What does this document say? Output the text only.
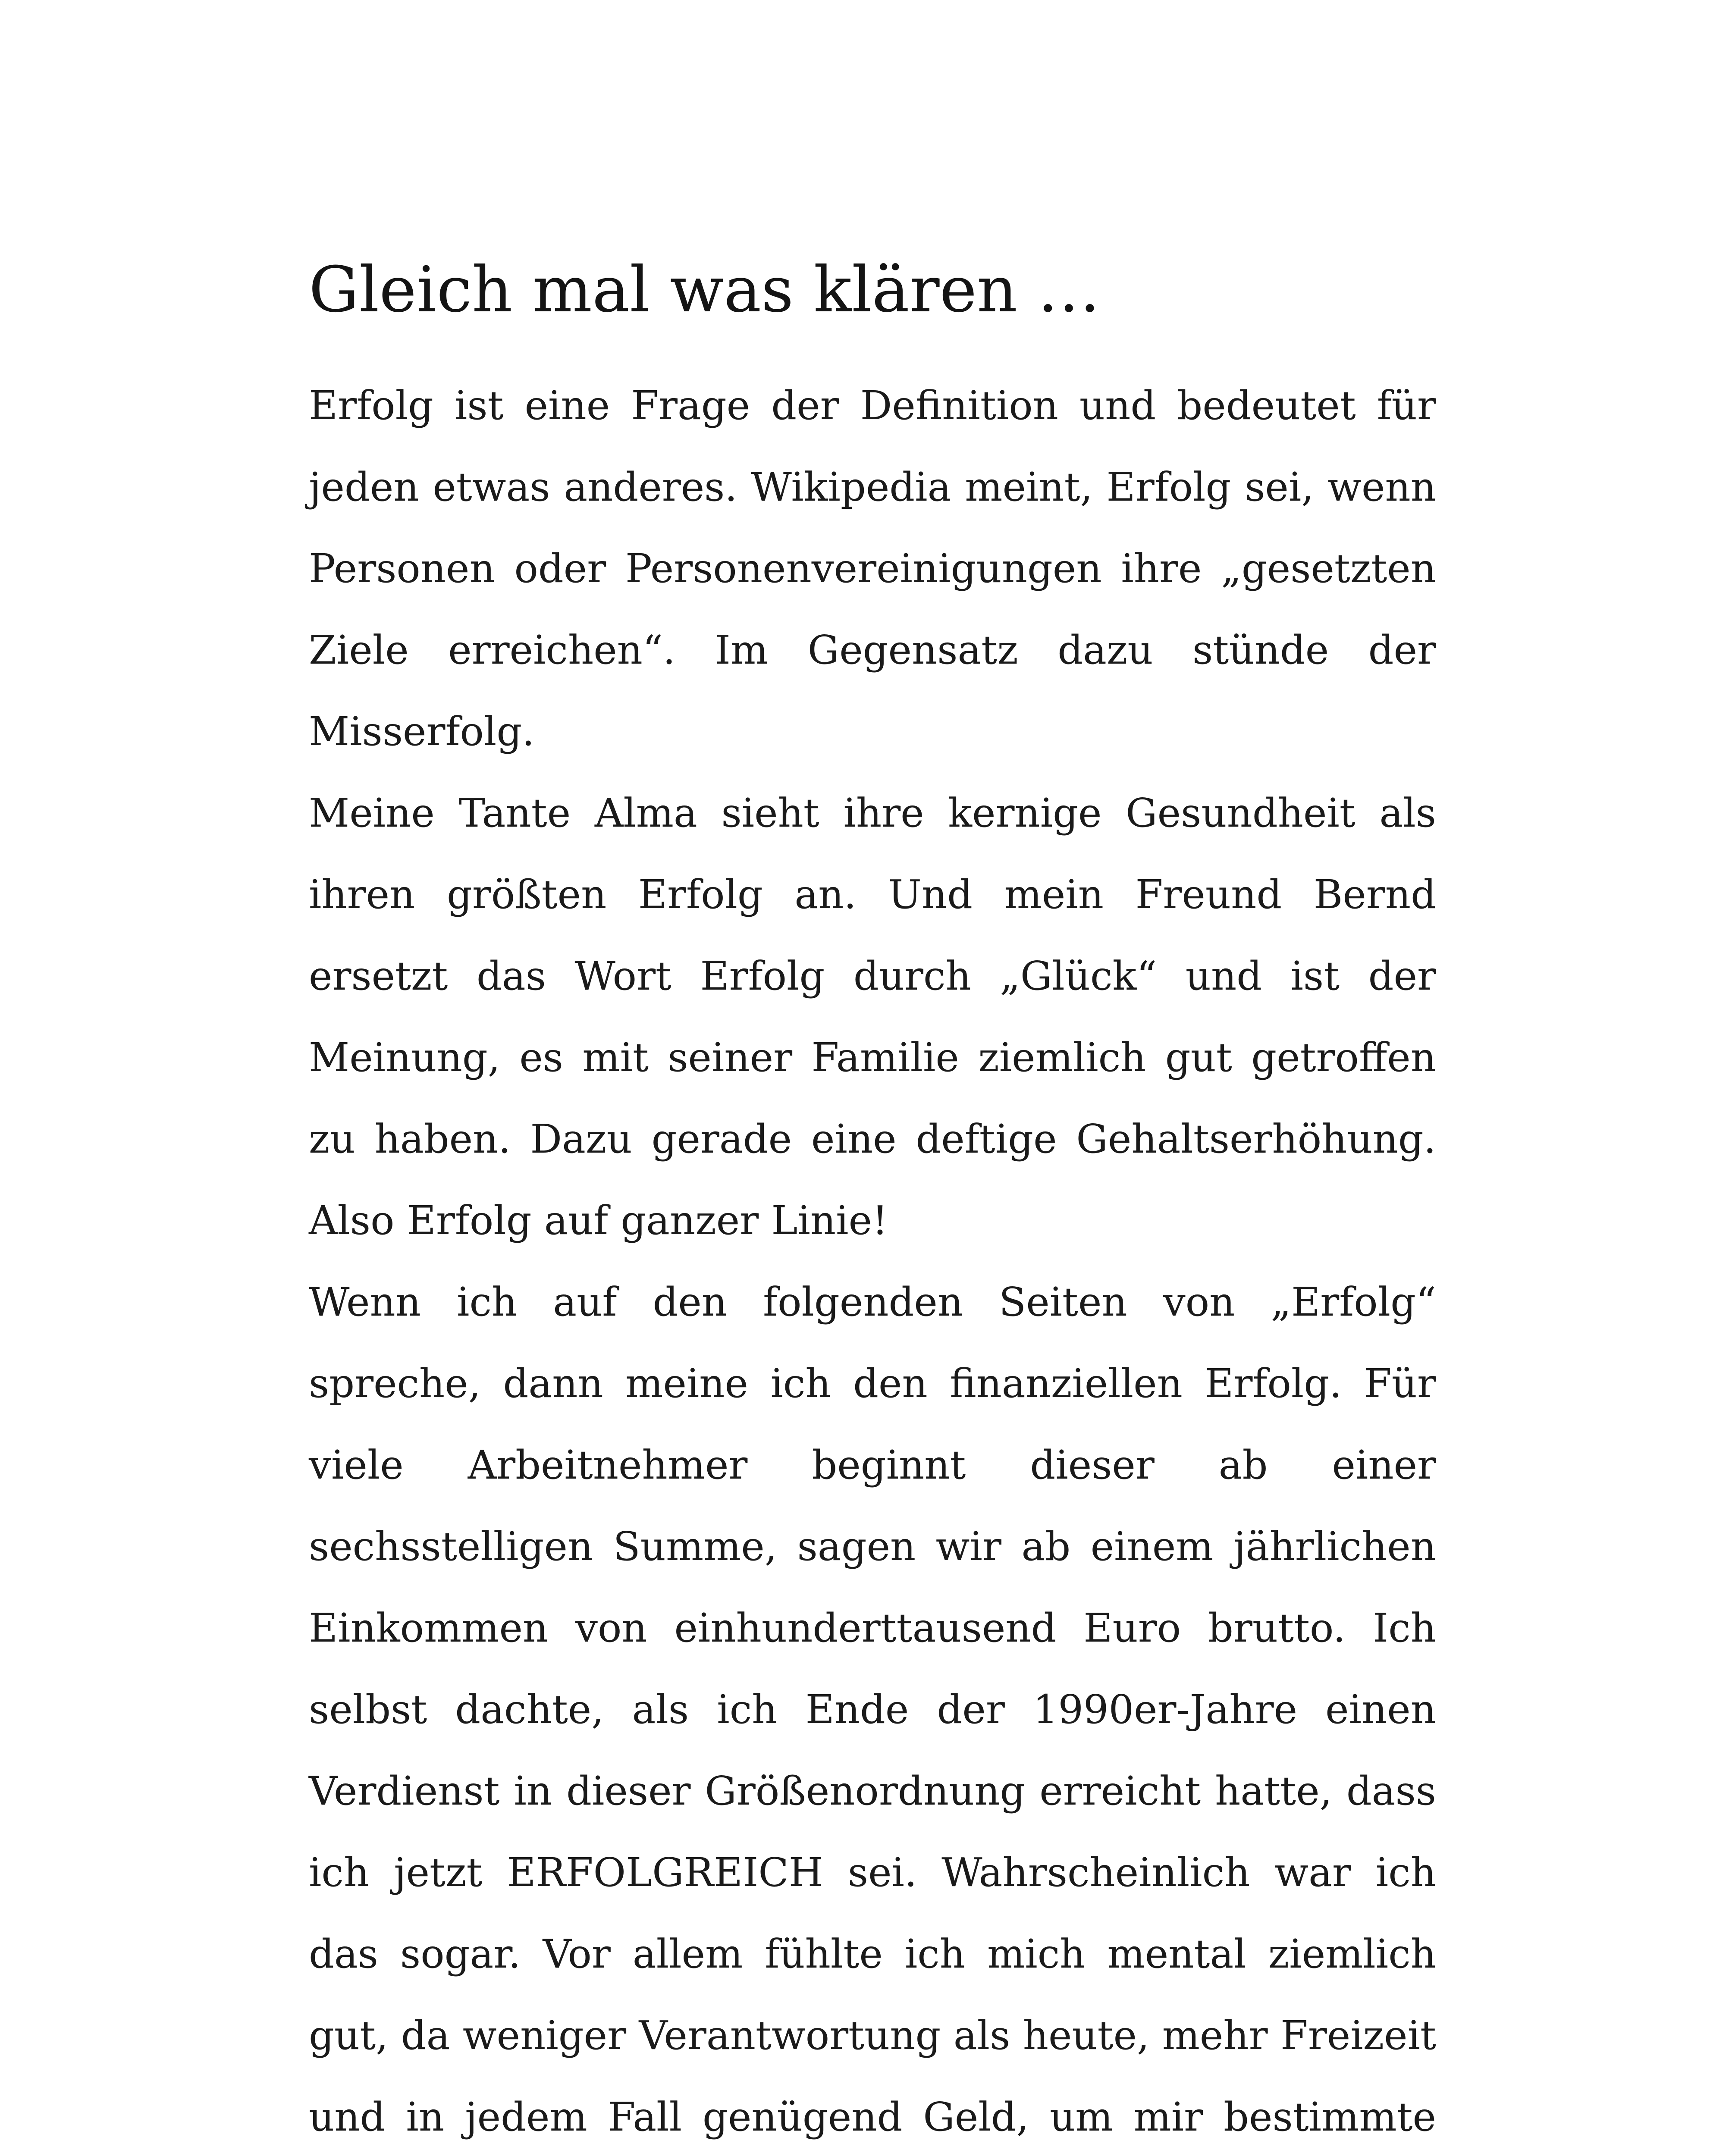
Gleich mal was klären …

Erfolg ist eine Frage der Definition und bedeutet für jeden etwas anderes. Wikipedia meint, Erfolg sei, wenn Personen oder Personenvereinigungen ihre „gesetzten Ziele erreichen“. Im Gegensatz dazu stünde der Misserfolg.

Meine Tante Alma sieht ihre kernige Gesundheit als ihren größten Erfolg an. Und mein Freund Bernd ersetzt das Wort Erfolg durch „Glück“ und ist der Meinung, es mit seiner Familie ziemlich gut getroffen zu haben. Dazu gerade eine deftige Gehaltserhöhung. Also Erfolg auf ganzer Linie!

Wenn ich auf den folgenden Seiten von „Erfolg“ spreche, dann meine ich den finanziellen Erfolg. Für viele Arbeitnehmer beginnt dieser ab einer sechsstelligen Summe, sagen wir ab einem jährlichen Einkommen von einhunderttausend Euro brutto. Ich selbst dachte, als ich Ende der 1990er-Jahre einen Verdienst in dieser Größenordnung erreicht hatte, dass ich jetzt ERFOLGREICH sei. Wahrscheinlich war ich das sogar. Vor allem fühlte ich mich mental ziemlich gut, da weniger Verantwortung als heute, mehr Freizeit und in jedem Fall genügend Geld, um mir bestimmte
